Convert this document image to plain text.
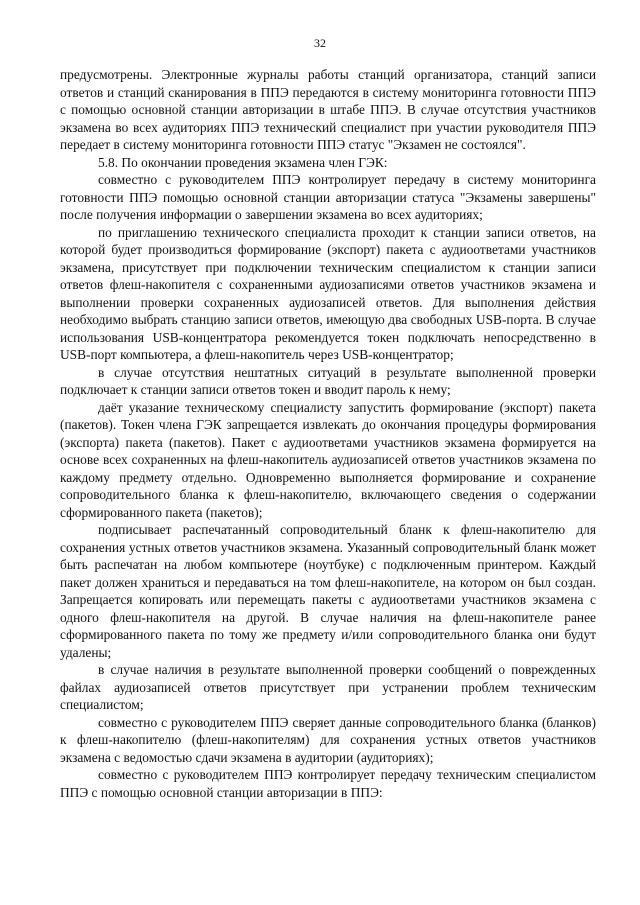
32

предусмотрены. Электронные журналы работы станций организатора, станций записи ответов и станций сканирования в ППЭ передаются в систему мониторинга готовности ППЭ с помощью основной станции авторизации в штабе ППЭ. В случае отсутствия участников экзамена во всех аудиториях ППЭ технический специалист при участии руководителя ППЭ передает в систему мониторинга готовности ППЭ статус "Экзамен не состоялся".

5.8. По окончании проведения экзамена член ГЭК:

совместно с руководителем ППЭ контролирует передачу в систему мониторинга готовности ППЭ помощью основной станции авторизации статуса "Экзамены завершены" после получения информации о завершении экзамена во всех аудиториях;

по приглашению технического специалиста проходит к станции записи ответов, на которой будет производиться формирование (экспорт) пакета с аудиоответами участников экзамена, присутствует при подключении техническим специалистом к станции записи ответов флеш-накопителя с сохраненными аудиозаписями ответов участников экзамена и выполнении проверки сохраненных аудиозаписей ответов. Для выполнения действия необходимо выбрать станцию записи ответов, имеющую два свободных USB-порта. В случае использования USB-концентратора рекомендуется токен подключать непосредственно в USB-порт компьютера, а флеш-накопитель через USB-концентратор;

в случае отсутствия нештатных ситуаций в результате выполненной проверки подключает к станции записи ответов токен и вводит пароль к нему;

даёт указание техническому специалисту запустить формирование (экспорт) пакета (пакетов). Токен члена ГЭК запрещается извлекать до окончания процедуры формирования (экспорта) пакета (пакетов). Пакет с аудиоответами участников экзамена формируется на основе всех сохраненных на флеш-накопитель аудиозаписей ответов участников экзамена по каждому предмету отдельно. Одновременно выполняется формирование и сохранение сопроводительного бланка к флеш-накопителю, включающего сведения о содержании сформированного пакета (пакетов);

подписывает распечатанный сопроводительный бланк к флеш-накопителю для сохранения устных ответов участников экзамена. Указанный сопроводительный бланк может быть распечатан на любом компьютере (ноутбуке) с подключенным принтером. Каждый пакет должен храниться и передаваться на том флеш-накопителе, на котором он был создан. Запрещается копировать или перемещать пакеты с аудиоответами участников экзамена с одного флеш-накопителя на другой. В случае наличия на флеш-накопителе ранее сформированного пакета по тому же предмету и/или сопроводительного бланка они будут удалены;

в случае наличия в результате выполненной проверки сообщений о поврежденных файлах аудиозаписей ответов присутствует при устранении проблем техническим специалистом;

совместно с руководителем ППЭ сверяет данные сопроводительного бланка (бланков) к флеш-накопителю (флеш-накопителям) для сохранения устных ответов участников экзамена с ведомостью сдачи экзамена в аудитории (аудиториях);

совместно с руководителем ППЭ контролирует передачу техническим специалистом ППЭ с помощью основной станции авторизации в ППЭ:
